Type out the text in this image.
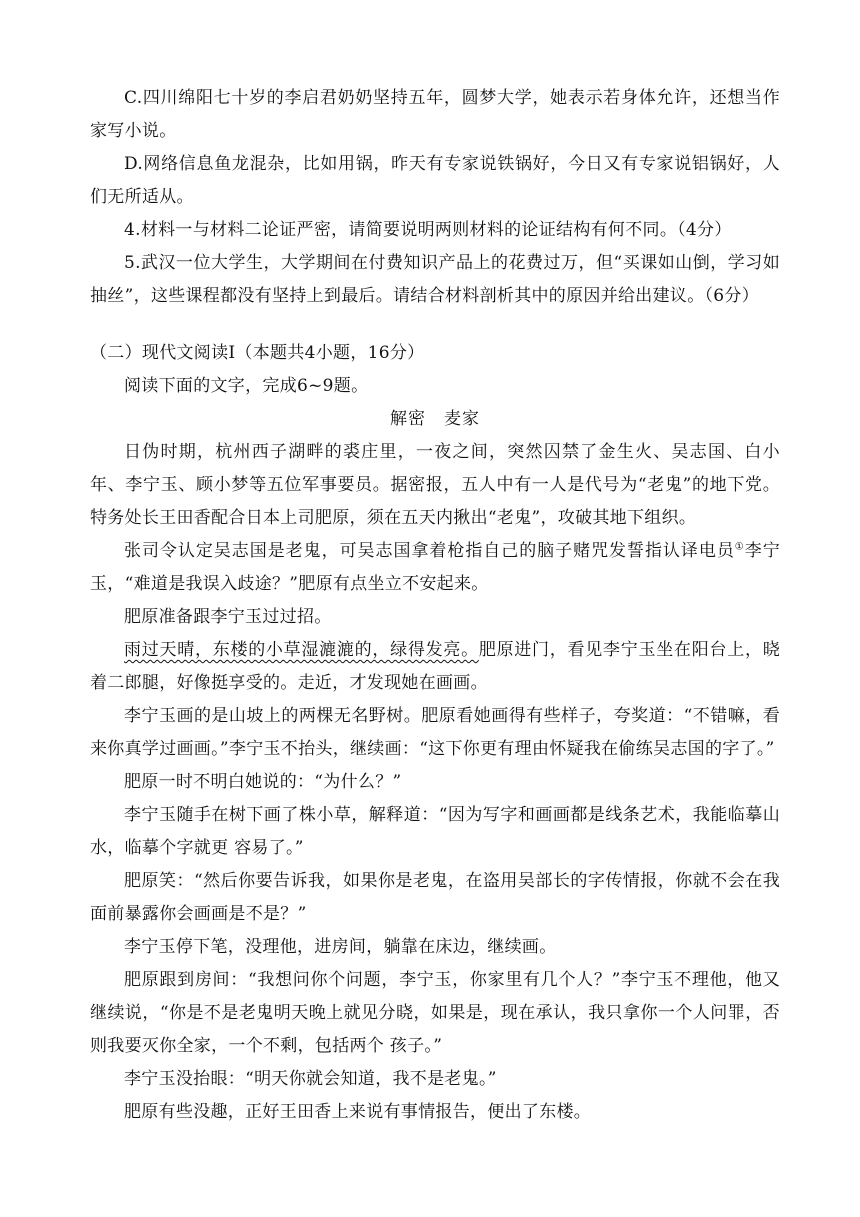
C.四川绵阳七十岁的李启君奶奶坚持五年，圆梦大学，她表示若身体允许，还想当作家写小说。

D.网络信息鱼龙混杂，比如用锅，昨天有专家说铁锅好，今日又有专家说铝锅好，人们无所适从。

4.材料一与材料二论证严密，请简要说明两则材料的论证结构有何不同。（4分）

5.武汉一位大学生，大学期间在付费知识产品上的花费过万，但“买课如山倒，学习如抽丝”，这些课程都没有坚持上到最后。请结合材料剖析其中的原因并给出建议。（6分）

（二）现代文阅读Ⅰ（本题共4小题，16分）

阅读下面的文字，完成6~9题。

解密 麦家

日伪时期，杭州西子湖畔的裘庄里，一夜之间，突然囚禁了金生火、吴志国、白小年、李宁玉、顾小梦等五位军事要员。据密报，五人中有一人是代号为“老鬼”的地下党。特务处长王田香配合日本上司肥原，须在五天内揪出“老鬼”，攻破其地下组织。

张司令认定吴志国是老鬼，可吴志国拿着枪指自己的脑子赌咒发誓指认译电员①李宁玉，“难道是我误入歧途？”肥原有点坐立不安起来。

肥原准备跟李宁玉过过招。

雨过天晴，东楼的小草湿漉漉的，绿得发亮。肥原进门，看见李宁玉坐在阳台上，晓着二郎腿，好像挺享受的。走近，才发现她在画画。

李宁玉画的是山坡上的两棵无名野树。肥原看她画得有些样子，夸奖道：“不错嘛，看来你真学过画画。”李宁玉不抬头，继续画：“这下你更有理由怀疑我在偷练吴志国的字了。”

肥原一时不明白她说的：“为什么？”

李宁玉随手在树下画了株小草，解释道：“因为写字和画画都是线条艺术，我能临摹山水，临摹个字就更 容易了。”

肥原笑：“然后你要告诉我，如果你是老鬼，在盗用吴部长的字传情报，你就不会在我面前暴露你会画画是不是？”

李宁玉停下笔，没理他，进房间，躺靠在床边，继续画。

肥原跟到房间：“我想问你个问题，李宁玉，你家里有几个人？”李宁玉不理他，他又继续说，“你是不是老鬼明天晚上就见分晓，如果是，现在承认，我只拿你一个人问罪，否则我要灭你全家，一个不剩，包括两个 孩子。”

李宁玉没抬眼：“明天你就会知道，我不是老鬼。”

肥原有些没趣，正好王田香上来说有事情报告，便出了东楼。
